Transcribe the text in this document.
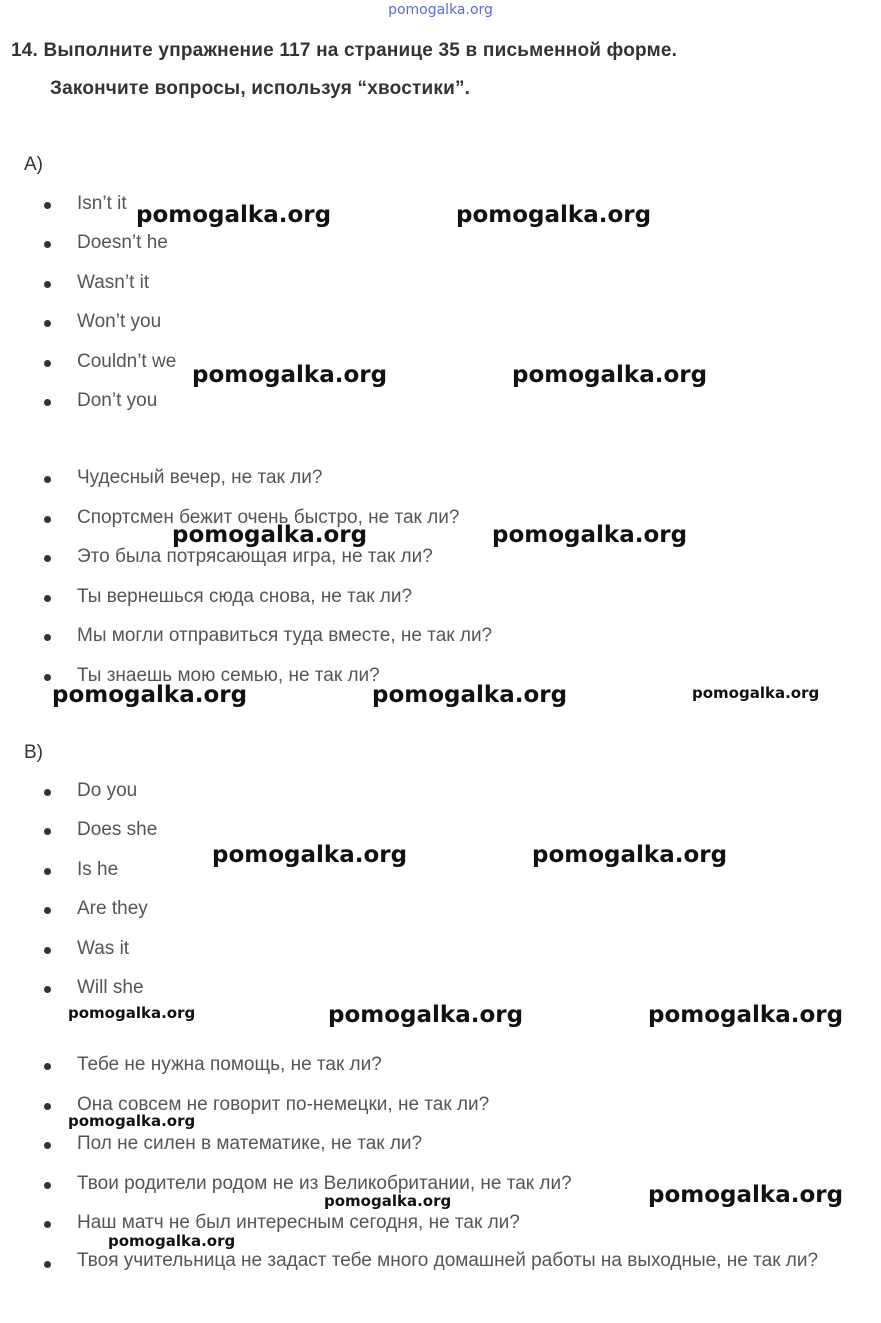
pomogalka.org
14. Выполните упражнение 117 на странице 35 в письменной форме.
Закончите вопросы, используя “хвостики”.
A)
Isn’t it
Doesn’t he
Wasn’t it
Won’t you
Couldn’t we
Don’t you
Чудесный вечер, не так ли?
Спортсмен бежит очень быстро, не так ли?
Это была потрясающая игра, не так ли?
Ты вернешься сюда снова, не так ли?
Мы могли отправиться туда вместе, не так ли?
Ты знаешь мою семью, не так ли?
B)
Do you
Does she
Is he
Are they
Was it
Will she
Тебе не нужна помощь, не так ли?
Она совсем не говорит по-немецки, не так ли?
Пол не силен в математике, не так ли?
Твои родители родом не из Великобритании, не так ли?
Наш матч не был интересным сегодня, не так ли?
Твоя учительница не задаст тебе много домашней работы на выходные, не так ли?
pomogalka.org	pomogalka.org
pomogalka.org	pomogalka.org
pomogalka.org	pomogalka.org
pomogalka.org	pomogalka.org	pomogalka.org
pomogalka.org	pomogalka.org
pomogalka.org	pomogalka.org	pomogalka.org
pomogalka.org
pomogalka.org	pomogalka.org
pomogalka.org
